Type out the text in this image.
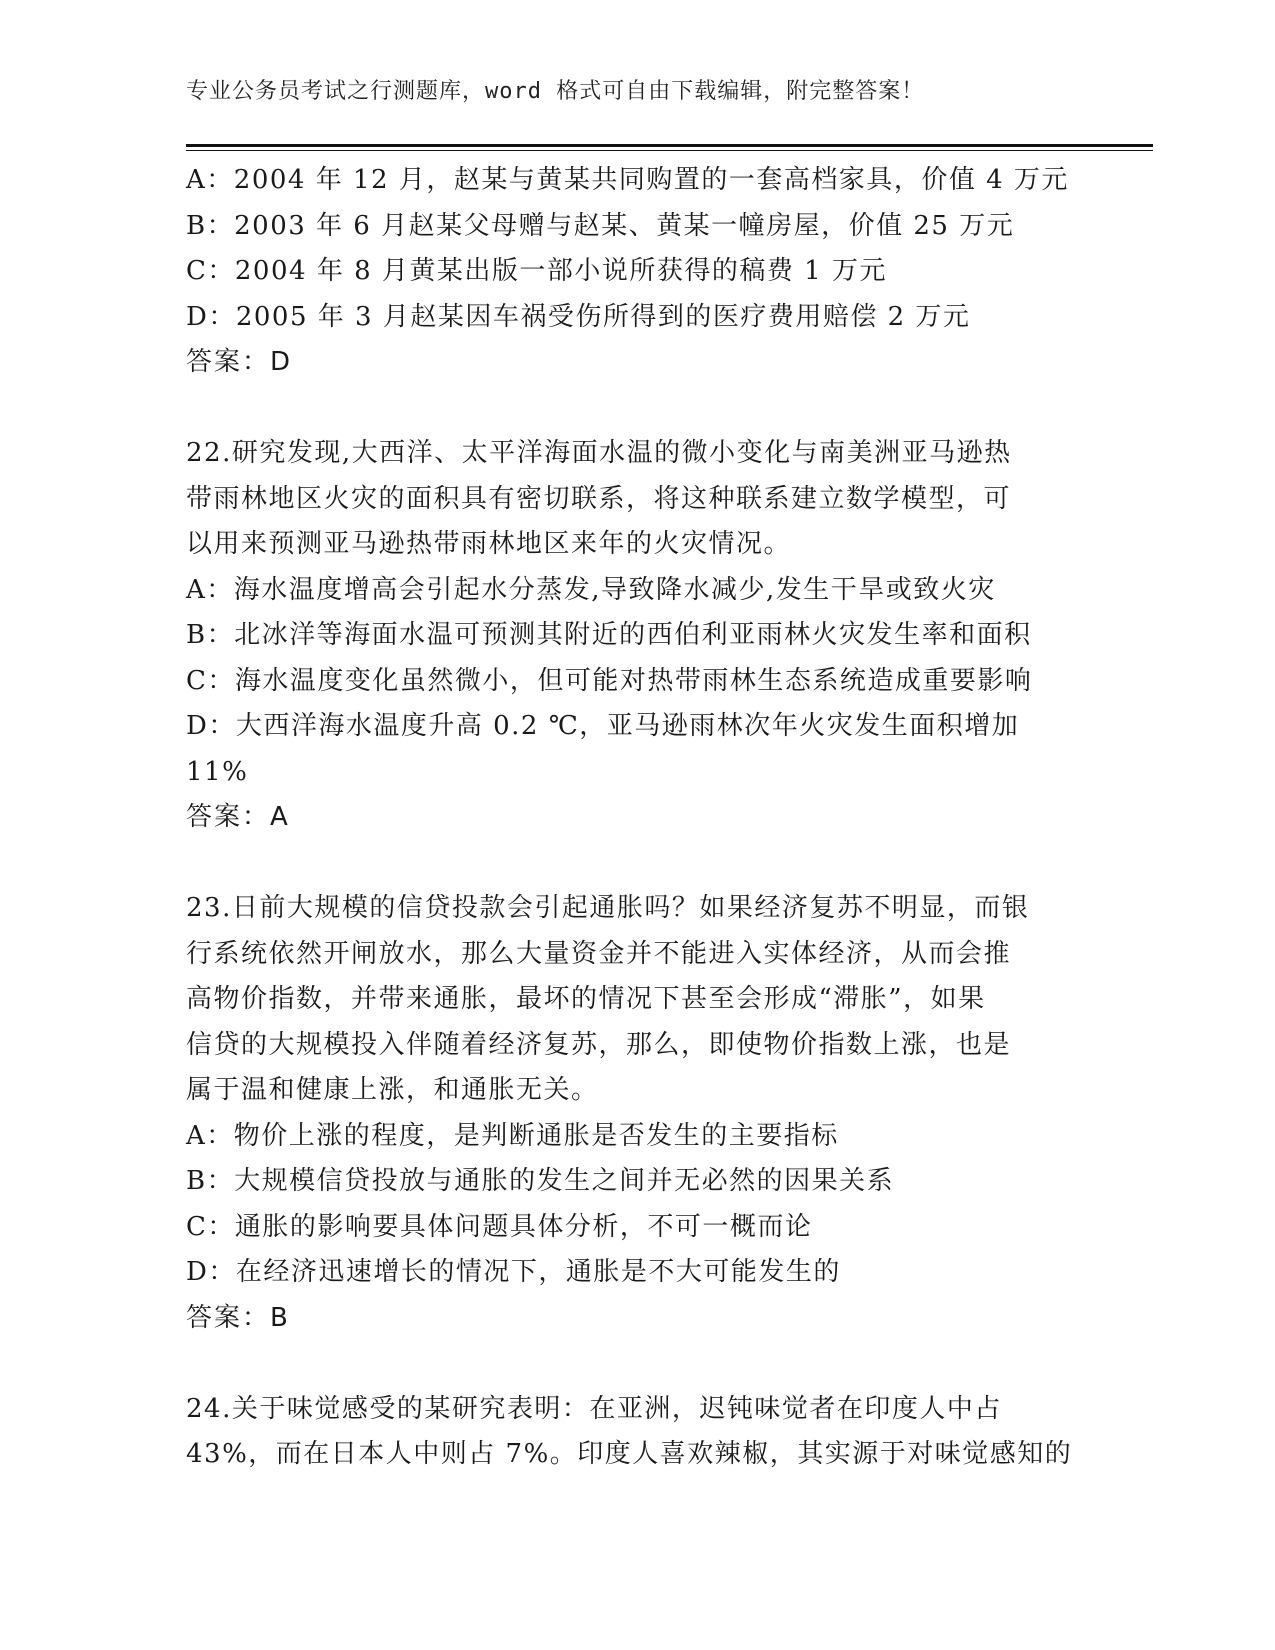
专业公务员考试之行测题库，word 格式可自由下载编辑，附完整答案！
A：2004 年 12 月，赵某与黄某共同购置的一套高档家具，价值 4 万元
B：2003 年 6 月赵某父母赠与赵某、黄某一幢房屋，价值 25 万元
C：2004 年 8 月黄某出版一部小说所获得的稿费 1 万元
D：2005 年 3 月赵某因车祸受伤所得到的医疗费用赔偿 2 万元
答案：D
22.研究发现,大西洋、太平洋海面水温的微小变化与南美洲亚马逊热
带雨林地区火灾的面积具有密切联系，将这种联系建立数学模型，可
以用来预测亚马逊热带雨林地区来年的火灾情况。
A：海水温度增高会引起水分蒸发,导致降水减少,发生干旱或致火灾
B：北冰洋等海面水温可预测其附近的西伯利亚雨林火灾发生率和面积
C：海水温度变化虽然微小，但可能对热带雨林生态系统造成重要影响
D：大西洋海水温度升高 0.2 ℃，亚马逊雨林次年火灾发生面积增加
11%
答案：A
23.日前大规模的信贷投款会引起通胀吗？如果经济复苏不明显，而银
行系统依然开闸放水，那么大量资金并不能进入实体经济，从而会推
高物价指数，并带来通胀，最坏的情况下甚至会形成“滞胀”，如果
信贷的大规模投入伴随着经济复苏，那么，即使物价指数上涨，也是
属于温和健康上涨，和通胀无关。
A：物价上涨的程度，是判断通胀是否发生的主要指标
B：大规模信贷投放与通胀的发生之间并无必然的因果关系
C：通胀的影响要具体问题具体分析，不可一概而论
D：在经济迅速增长的情况下，通胀是不大可能发生的
答案：B
24.关于味觉感受的某研究表明：在亚洲，迟钝味觉者在印度人中占
43%，而在日本人中则占 7%。印度人喜欢辣椒，其实源于对味觉感知的
